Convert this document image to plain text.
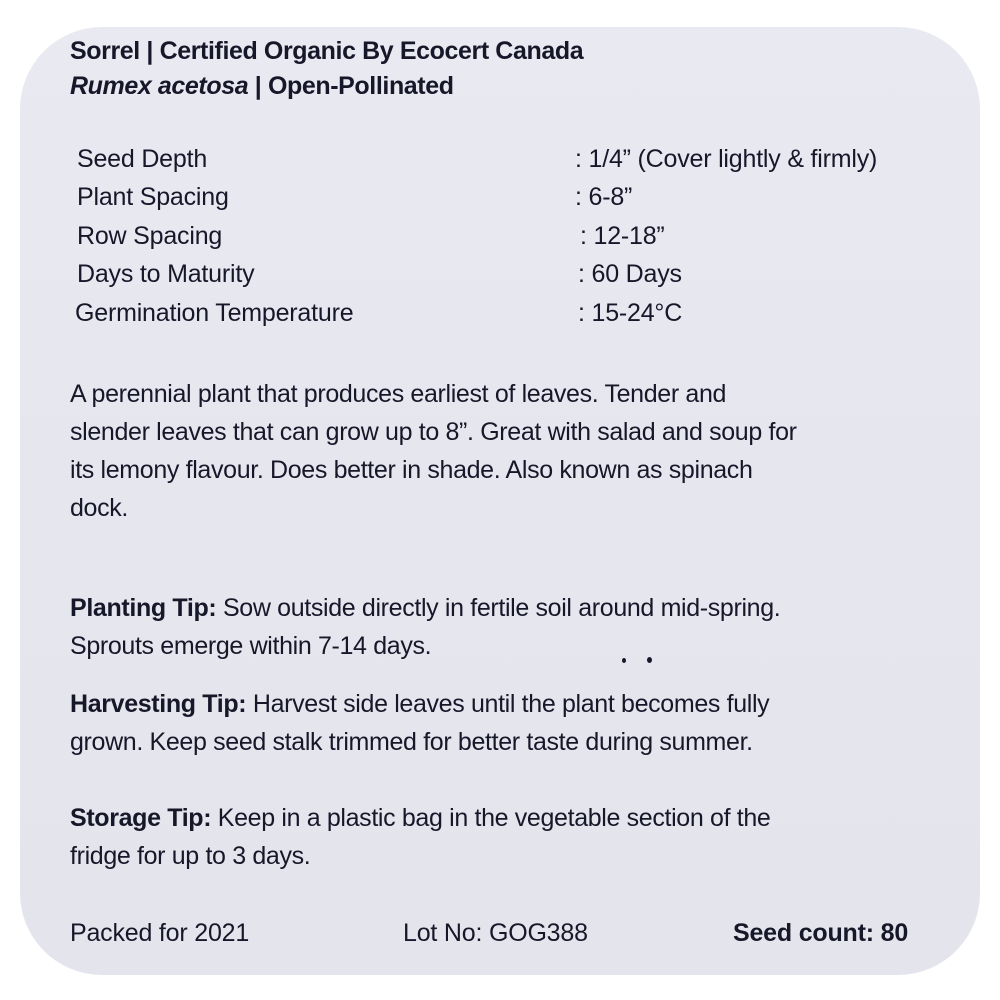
Sorrel | Certified Organic By Ecocert Canada
Rumex acetosa | Open-Pollinated
Seed Depth	: 1/4” (Cover lightly & firmly)
Plant Spacing	: 6-8”
Row Spacing	: 12-18”
Days to Maturity	: 60 Days
Germination Temperature	: 15-24°C
A perennial plant that produces earliest of leaves. Tender and
slender leaves that can grow up to 8”. Great with salad and soup for
its lemony flavour. Does better in shade. Also known as spinach
dock.
Planting Tip: Sow outside directly in fertile soil around mid-spring.
Sprouts emerge within 7-14 days.
Harvesting Tip: Harvest side leaves until the plant becomes fully
grown. Keep seed stalk trimmed for better taste during summer.
Storage Tip: Keep in a plastic bag in the vegetable section of the
fridge for up to 3 days.
Packed for 2021	Lot No: GOG388	Seed count: 80
